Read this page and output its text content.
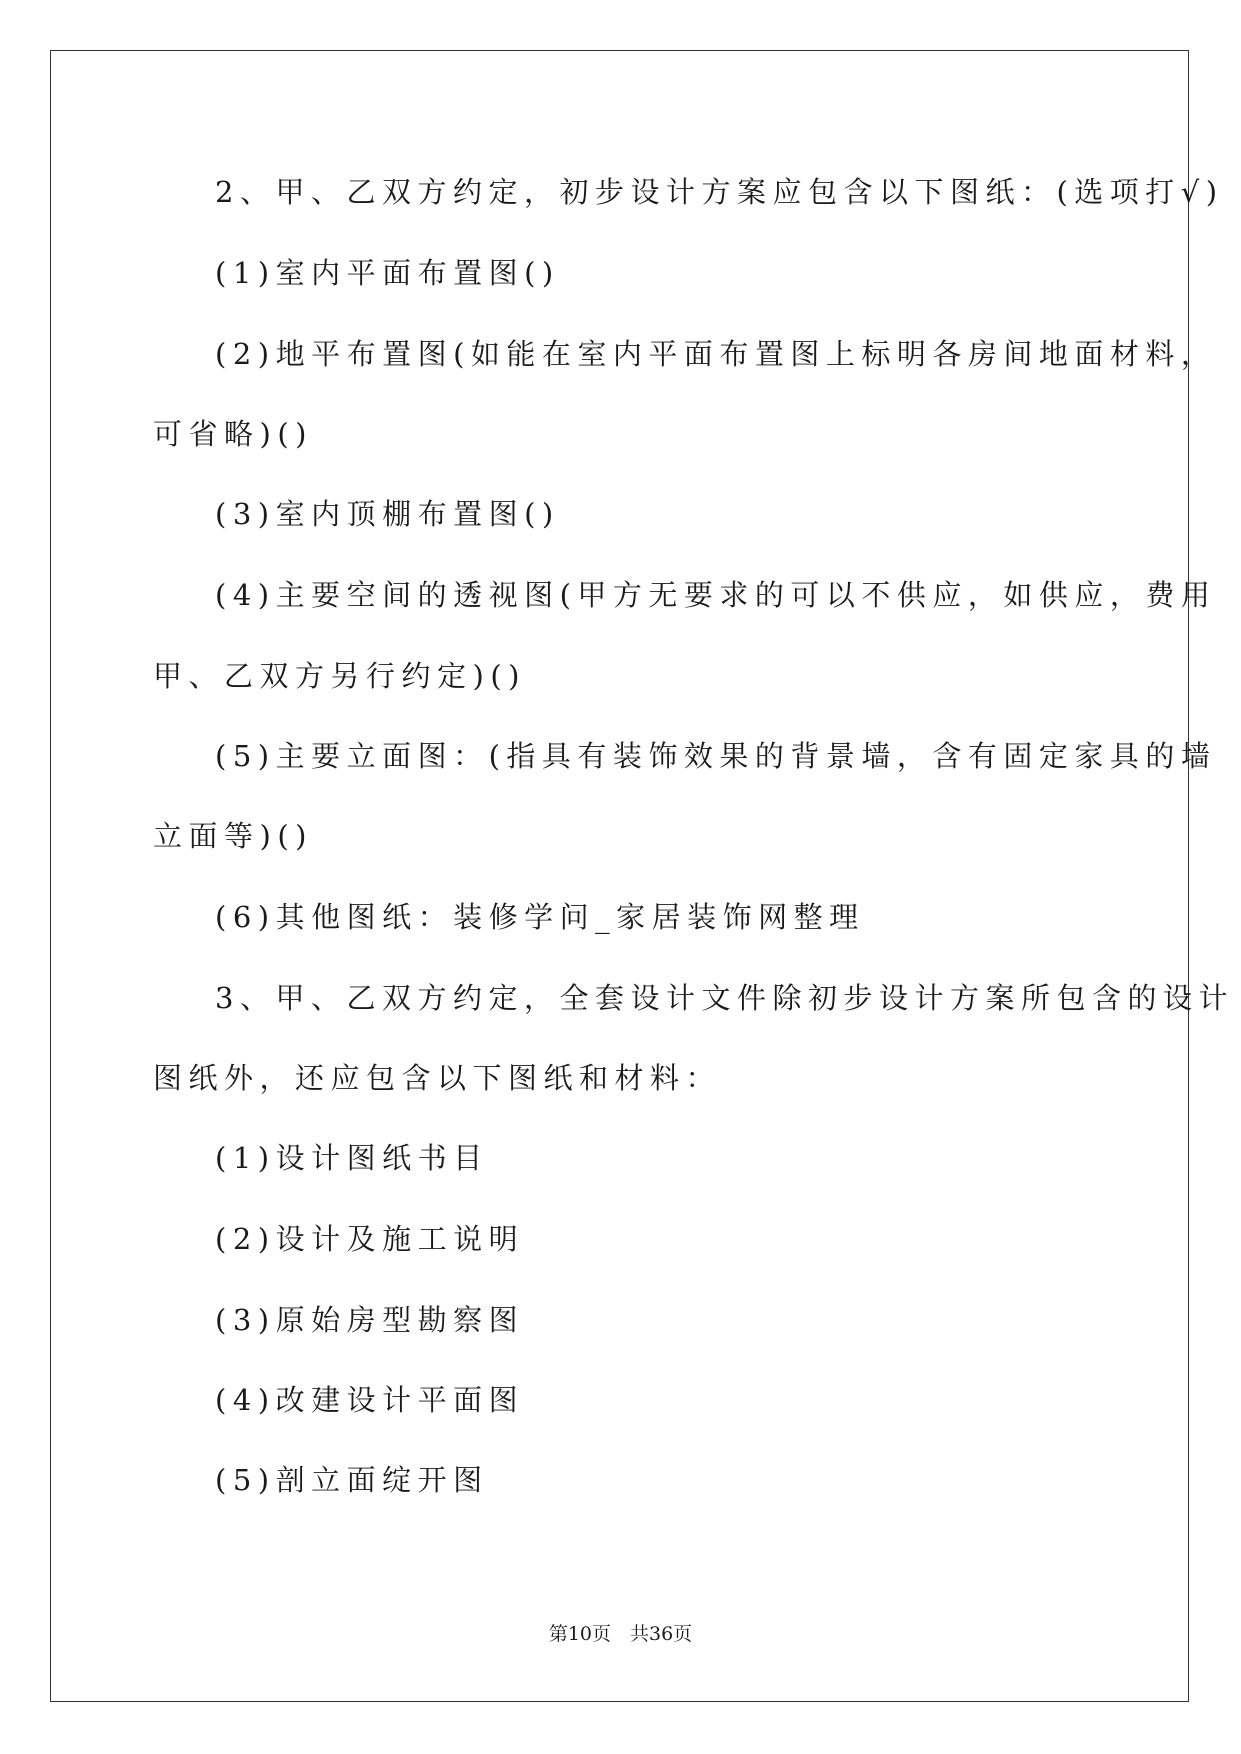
2、甲、乙双方约定，初步设计方案应包含以下图纸：(选项打√)
(1)室内平面布置图()
(2)地平布置图(如能在室内平面布置图上标明各房间地面材料，
可省略)()
(3)室内顶棚布置图()
(4)主要空间的透视图(甲方无要求的可以不供应，如供应，费用
甲、乙双方另行约定)()
(5)主要立面图：(指具有装饰效果的背景墙，含有固定家具的墙
立面等)()
(6)其他图纸：装修学问_家居装饰网整理
3、甲、乙双方约定，全套设计文件除初步设计方案所包含的设计
图纸外，还应包含以下图纸和材料：
(1)设计图纸书目
(2)设计及施工说明
(3)原始房型勘察图
(4)改建设计平面图
(5)剖立面绽开图
第10页　共36页
